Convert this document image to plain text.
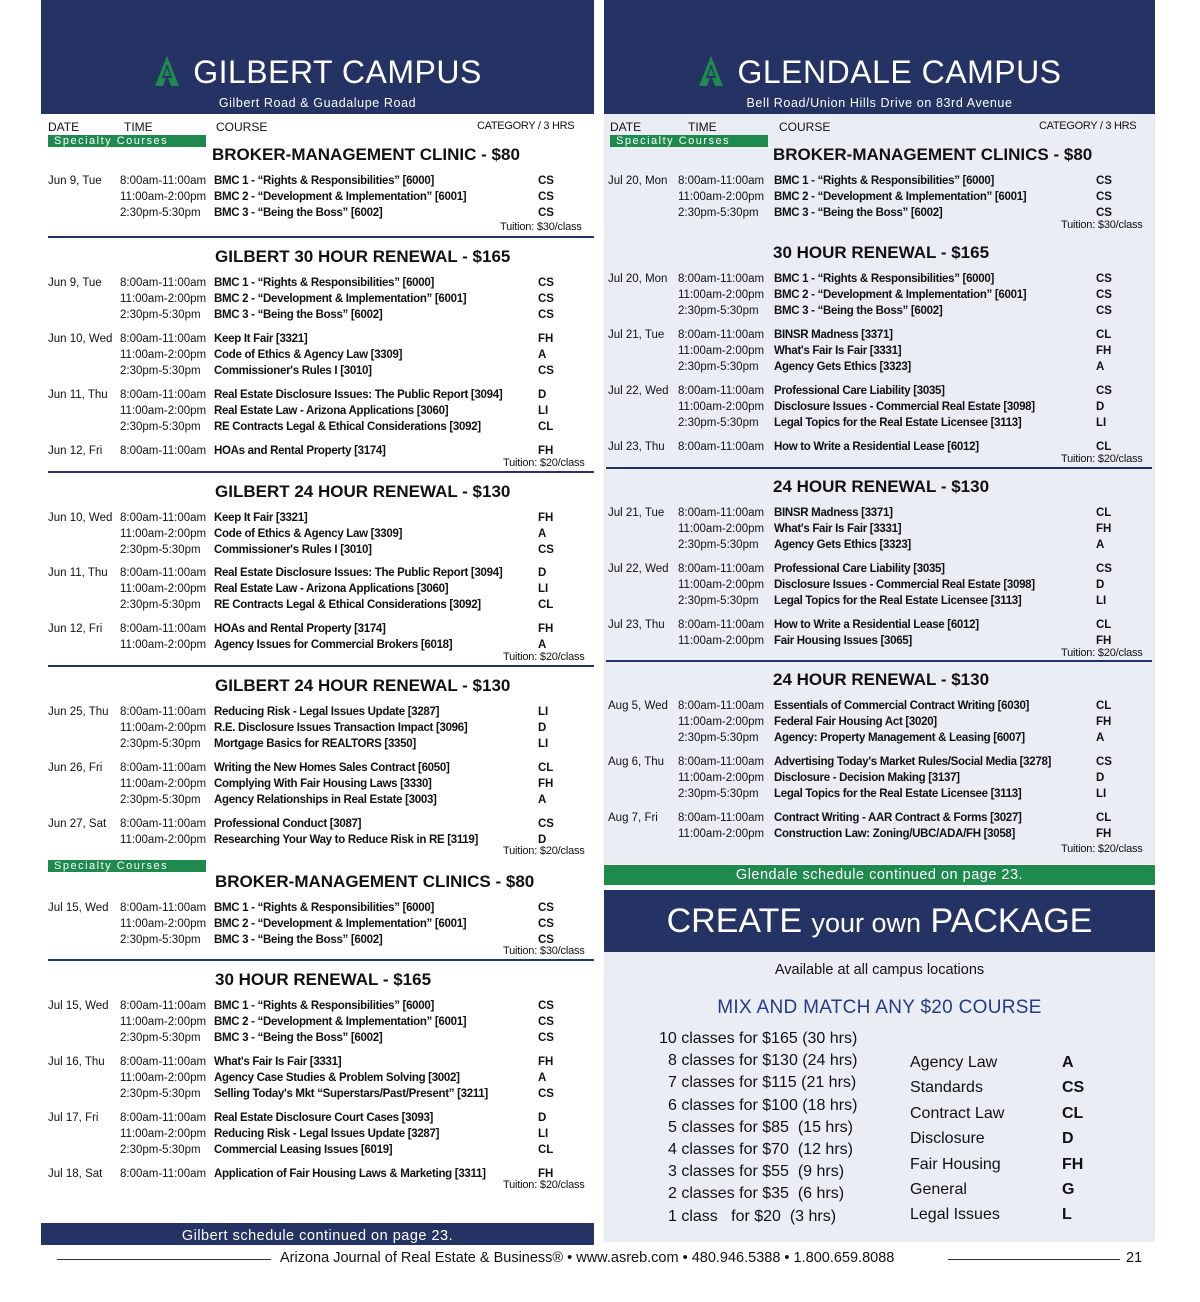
GILBERT CAMPUS
Gilbert Road & Guadalupe Road
DATE	TIME	COURSE	CATEGORY / 3 HRS
Specialty Courses
Specialty Courses
BROKER-MANAGEMENT CLINIC - $80
Tuition: $30/class
GILBERT 30 HOUR RENEWAL - $165
Tuition: $20/class
GILBERT 24 HOUR RENEWAL - $130
Tuition: $20/class
GILBERT 24 HOUR RENEWAL - $130
Tuition: $20/class
BROKER-MANAGEMENT CLINICS - $80
Tuition: $30/class
30 HOUR RENEWAL - $165
Tuition: $20/class
Jun 9, Tue 8:00am-11:00am BMC 1 - “Rights & Responsibilities” [6000]	CS
11:00am-2:00pm BMC 2 - “Development & Implementation” [6001]	CS
2:30pm-5:30pm BMC 3 - “Being the Boss” [6002]	CS
Jun 9, Tue 8:00am-11:00am BMC 1 - “Rights & Responsibilities” [6000]	CS
11:00am-2:00pm BMC 2 - “Development & Implementation” [6001]	CS
2:30pm-5:30pm BMC 3 - “Being the Boss” [6002]	CS
Jun 10, Wed 8:00am-11:00am Keep It Fair [3321]	FH
11:00am-2:00pm Code of Ethics & Agency Law [3309]	A
2:30pm-5:30pm Commissioner's Rules I [3010]	CS
Jun 11, Thu 8:00am-11:00am Real Estate Disclosure Issues: The Public Report [3094]	D
11:00am-2:00pm Real Estate Law - Arizona Applications [3060]	LI
2:30pm-5:30pm RE Contracts Legal & Ethical Considerations [3092]	CL
Jun 12, Fri 8:00am-11:00am HOAs and Rental Property [3174]	FH
Jun 10, Wed 8:00am-11:00am Keep It Fair [3321]	FH
11:00am-2:00pm Code of Ethics & Agency Law [3309]	A
2:30pm-5:30pm Commissioner's Rules I [3010]	CS
Jun 11, Thu 8:00am-11:00am Real Estate Disclosure Issues: The Public Report [3094]	D
11:00am-2:00pm Real Estate Law - Arizona Applications [3060]	LI
2:30pm-5:30pm RE Contracts Legal & Ethical Considerations [3092]	CL
Jun 12, Fri 8:00am-11:00am HOAs and Rental Property [3174]	FH
11:00am-2:00pm Agency Issues for Commercial Brokers [6018]	A
Jun 25, Thu 8:00am-11:00am Reducing Risk - Legal Issues Update [3287]	LI
11:00am-2:00pm R.E. Disclosure Issues Transaction Impact [3096]	D
2:30pm-5:30pm Mortgage Basics for REALTORS [3350]	LI
Jun 26, Fri 8:00am-11:00am Writing the New Homes Sales Contract [6050]	CL
11:00am-2:00pm Complying With Fair Housing Laws [3330]	FH
2:30pm-5:30pm Agency Relationships in Real Estate [3003]	A
Jun 27, Sat 8:00am-11:00am Professional Conduct [3087]	CS
11:00am-2:00pm Researching Your Way to Reduce Risk in RE [3119]	D
Jul 15, Wed 8:00am-11:00am BMC 1 - “Rights & Responsibilities” [6000]	CS
11:00am-2:00pm BMC 2 - “Development & Implementation” [6001]	CS
2:30pm-5:30pm BMC 3 - “Being the Boss” [6002]	CS
Jul 15, Wed 8:00am-11:00am BMC 1 - “Rights & Responsibilities” [6000]	CS
11:00am-2:00pm BMC 2 - “Development & Implementation” [6001]	CS
2:30pm-5:30pm BMC 3 - “Being the Boss” [6002]	CS
Jul 16, Thu 8:00am-11:00am What's Fair Is Fair [3331]	FH
11:00am-2:00pm Agency Case Studies & Problem Solving [3002]	A
2:30pm-5:30pm Selling Today's Mkt “Superstars/Past/Present” [3211]	CS
Jul 17, Fri 8:00am-11:00am Real Estate Disclosure Court Cases [3093]	D
11:00am-2:00pm Reducing Risk - Legal Issues Update [3287]	LI
2:30pm-5:30pm Commercial Leasing Issues [6019]	CL
Jul 18, Sat 8:00am-11:00am Application of Fair Housing Laws & Marketing [3311]	FH
Gilbert schedule continued on page 23.
GLENDALE CAMPUS
Bell Road/Union Hills Drive on 83rd Avenue
DATE	TIME	COURSE	CATEGORY / 3 HRS
Specialty Courses
BROKER-MANAGEMENT CLINICS - $80
Tuition: $30/class
30 HOUR RENEWAL - $165
Tuition: $20/class
24 HOUR RENEWAL - $130
Tuition: $20/class
24 HOUR RENEWAL - $130
Tuition: $20/class
Jul 20, Mon 8:00am-11:00am BMC 1 - “Rights & Responsibilities” [6000]	CS
11:00am-2:00pm BMC 2 - “Development & Implementation” [6001]	CS
2:30pm-5:30pm BMC 3 - “Being the Boss” [6002]	CS
Jul 20, Mon 8:00am-11:00am BMC 1 - “Rights & Responsibilities” [6000]	CS
11:00am-2:00pm BMC 2 - “Development & Implementation” [6001]	CS
2:30pm-5:30pm BMC 3 - “Being the Boss” [6002]	CS
Jul 21, Tue 8:00am-11:00am BINSR Madness [3371]	CL
11:00am-2:00pm What's Fair Is Fair [3331]	FH
2:30pm-5:30pm Agency Gets Ethics [3323]	A
Jul 22, Wed 8:00am-11:00am Professional Care Liability [3035]	CS
11:00am-2:00pm Disclosure Issues - Commercial Real Estate [3098]	D
2:30pm-5:30pm Legal Topics for the Real Estate Licensee [3113]	LI
Jul 23, Thu 8:00am-11:00am How to Write a Residential Lease [6012]	CL
Jul 21, Tue 8:00am-11:00am BINSR Madness [3371]	CL
11:00am-2:00pm What's Fair Is Fair [3331]	FH
2:30pm-5:30pm Agency Gets Ethics [3323]	A
Jul 22, Wed 8:00am-11:00am Professional Care Liability [3035]	CS
11:00am-2:00pm Disclosure Issues - Commercial Real Estate [3098]	D
2:30pm-5:30pm Legal Topics for the Real Estate Licensee [3113]	LI
Jul 23, Thu 8:00am-11:00am How to Write a Residential Lease [6012]	CL
11:00am-2:00pm Fair Housing Issues [3065]	FH
Aug 5, Wed 8:00am-11:00am Essentials of Commercial Contract Writing [6030]	CL
11:00am-2:00pm Federal Fair Housing Act [3020]	FH
2:30pm-5:30pm Agency: Property Management & Leasing [6007]	A
Aug 6, Thu 8:00am-11:00am Advertising Today's Market Rules/Social Media [3278]	CS
11:00am-2:00pm Disclosure - Decision Making [3137]	D
2:30pm-5:30pm Legal Topics for the Real Estate Licensee [3113]	LI
Aug 7, Fri 8:00am-11:00am Contract Writing - AAR Contract & Forms [3027]	CL
11:00am-2:00pm Construction Law: Zoning/UBC/ADA/FH [3058]	FH
Glendale schedule continued on page 23.
CREATE your own PACKAGE
Available at all campus locations
MIX AND MATCH ANY $20 COURSE
10 classes for $165 (30 hrs)
8 classes for $130 (24 hrs)
7 classes for $115 (21 hrs)
6 classes for $100 (18 hrs)
5 classes for $85  (15 hrs)
4 classes for $70  (12 hrs)
3 classes for $55  (9 hrs)
2 classes for $35  (6 hrs)
1 class   for $20  (3 hrs)
Agency Law	A
Standards	CS
Contract Law	CL
Disclosure	D
Fair Housing	FH
General	G
Legal Issues	L
Arizona Journal of Real Estate & Business® • www.asreb.com • 480.946.5388 • 1.800.659.8088	21
